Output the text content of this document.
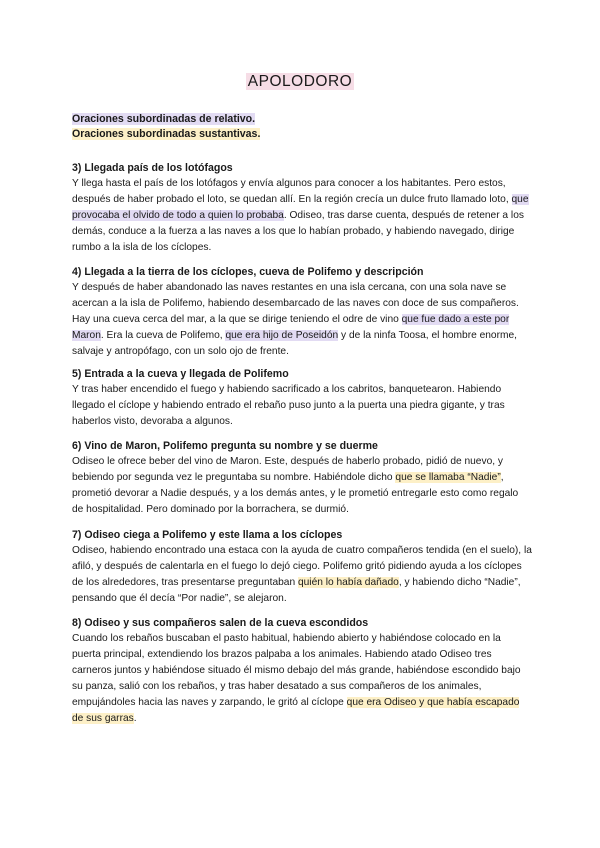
APOLODORO
Oraciones subordinadas de relativo.
Oraciones subordinadas sustantivas.
3) Llegada país de los lotófagos

Y llega hasta el país de los lotófagos y envía algunos para conocer a los habitantes. Pero estos, después de haber probado el loto, se quedan allí. En la región crecía un dulce fruto llamado loto, que provocaba el olvido de todo a quien lo probaba. Odiseo, tras darse cuenta, después de retener a los demás, conduce a la fuerza a las naves a los que lo habían probado, y habiendo navegado, dirige rumbo a la isla de los cíclopes.

4) Llegada a la tierra de los cíclopes, cueva de Polifemo y descripción

Y después de haber abandonado las naves restantes en una isla cercana, con una sola nave se acercan a la isla de Polifemo, habiendo desembarcado de las naves con doce de sus compañeros. Hay una cueva cerca del mar, a la que se dirige teniendo el odre de vino que fue dado a este por Maron. Era la cueva de Polifemo, que era hijo de Poseidón y de la ninfa Toosa, el hombre enorme, salvaje y antropófago, con un solo ojo de frente.

5) Entrada a la cueva y llegada de Polifemo

Y tras haber encendido el fuego y habiendo sacrificado a los cabritos, banquetearon. Habiendo llegado el cíclope y habiendo entrado el rebaño puso junto a la puerta una piedra gigante, y tras haberlos visto, devoraba a algunos.

6) Vino de Maron, Polifemo pregunta su nombre y se duerme

Odiseo le ofrece beber del vino de Maron. Este, después de haberlo probado, pidió de nuevo, y bebiendo por segunda vez le preguntaba su nombre. Habiéndole dicho que se llamaba “Nadie”, prometió devorar a Nadie después, y a los demás antes, y le prometió entregarle esto como regalo de hospitalidad. Pero dominado por la borrachera, se durmió.

7) Odiseo ciega a Polifemo y este llama a los cíclopes

Odiseo, habiendo encontrado una estaca con la ayuda de cuatro compañeros tendida (en el suelo), la afiló, y después de calentarla en el fuego lo dejó ciego. Polifemo gritó pidiendo ayuda a los cíclopes de los alrededores, tras presentarse preguntaban quién lo había dañado, y habiendo dicho “Nadie”, pensando que él decía “Por nadie”, se alejaron.

8) Odiseo y sus compañeros salen de la cueva escondidos

Cuando los rebaños buscaban el pasto habitual, habiendo abierto y habiéndose colocado en la puerta principal, extendiendo los brazos palpaba a los animales. Habiendo atado Odiseo tres carneros juntos y habiéndose situado él mismo debajo del más grande, habiéndose escondido bajo su panza, salió con los rebaños, y tras haber desatado a sus compañeros de los animales, empujándoles hacia las naves y zarpando, le gritó al cíclope que era Odiseo y que había escapado de sus garras.
